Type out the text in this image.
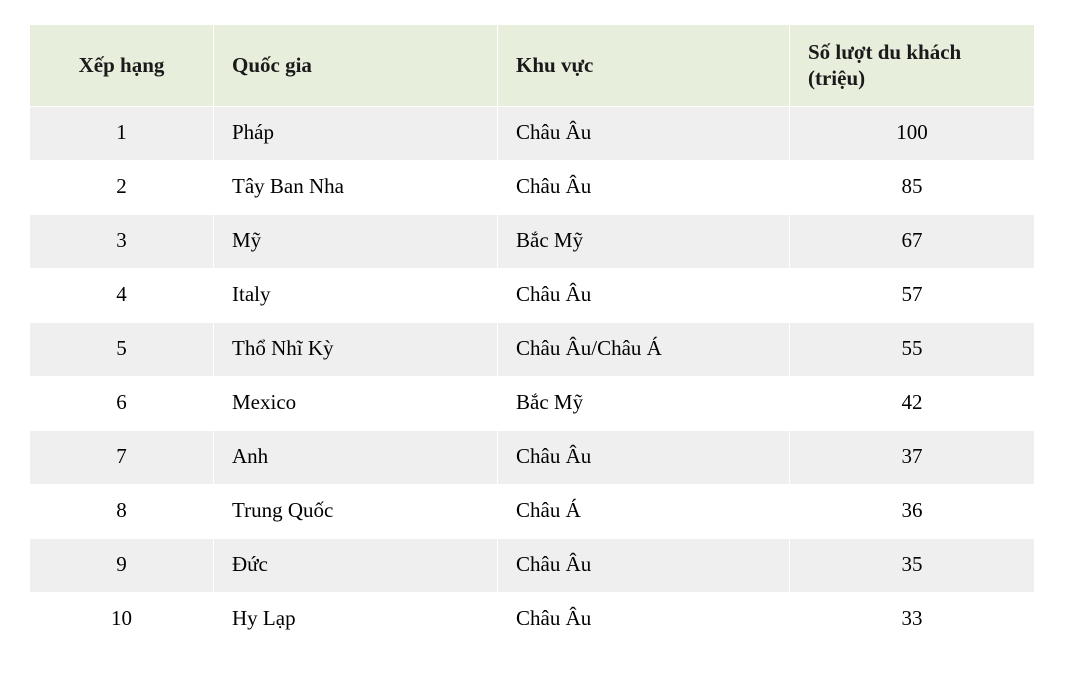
Xếp hạng	Quốc gia	Khu vực	Số lượt du khách (triệu)
1	Pháp	Châu Âu	100
2	Tây Ban Nha	Châu Âu	85
3	Mỹ	Bắc Mỹ	67
4	Italy	Châu Âu	57
5	Thổ Nhĩ Kỳ	Châu Âu/Châu Á	55
6	Mexico	Bắc Mỹ	42
7	Anh	Châu Âu	37
8	Trung Quốc	Châu Á	36
9	Đức	Châu Âu	35
10	Hy Lạp	Châu Âu	33
